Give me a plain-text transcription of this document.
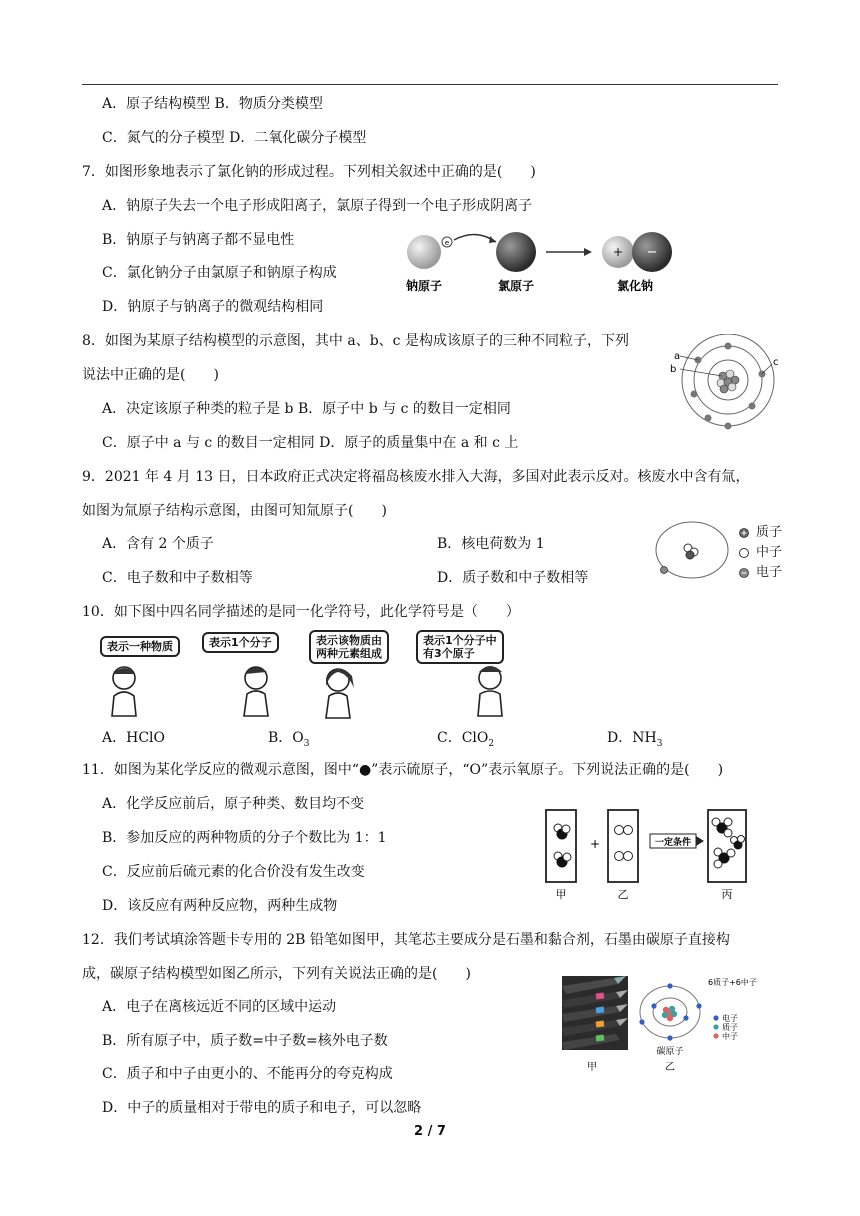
A．原子结构模型 B．物质分类模型
C．氮气的分子模型 D．二氧化碳分子模型
7．如图形象地表示了氯化钠的形成过程。下列相关叙述中正确的是(　　)
A．钠原子失去一个电子形成阳离子，氯原子得到一个电子形成阴离子
B．钠原子与钠离子都不显电性
C．氯化钠分子由氯原子和钠原子构成
D．钠原子与钠离子的微观结构相同
e
+ −
钠原子	氯原子	氯化钠
8．如图为某原子结构模型的示意图，其中 a、b、c 是构成该原子的三种不同粒子，下列
说法中正确的是(　　)
A．决定该原子种类的粒子是 b B．原子中 b 与 c 的数目一定相同
C．原子中 a 与 c 的数目一定相同 D．原子的质量集中在 a 和 c 上
a
b
c
9．2021 年 4 月 13 日，日本政府正式决定将福岛核废水排入大海，多国对此表示反对。核废水中含有氚，
如图为氚原子结构示意图，由图可知氚原子(　　)
A．含有 2 个质子	B．核电荷数为 1
C．电子数和中子数相等	D．质子数和中子数相等
质子
中子
电子
10．如下图中四名同学描述的是同一化学符号，此化学符号是（　　）
表示一种物质	表示1个分子	表示该物质由
两种元素组成
表示1个分子中
有3个原子
A．HClO	B．$O_3$	C．ClO$_2$	D．$NH_3$
11．如图为某化学反应的微观示意图，图中“●”表示硫原子，“O”表示氧原子。下列说法正确的是(　　)
A．化学反应前后，原子种类、数目均不变
B．参加反应的两种物质的分子个数比为 1：1
C．反应前后硫元素的化合价没有发生改变
D．该反应有两种反应物，两种生成物
+	一定条件
甲	乙	丙
12．我们考试填涂答题卡专用的 2B 铅笔如图甲，其笔芯主要成分是石墨和黏合剂，石墨由碳原子直接构
成，碳原子结构模型如图乙所示，下列有关说法正确的是(　　)
A．电子在离核远近不同的区域中运动
B．所有原子中，质子数=中子数=核外电子数
C．质子和中子由更小的、不能再分的夸克构成
D．中子的质量相对于带电的质子和电子，可以忽略
6质子+6中子
电子
质子
中子
碳原子
甲	乙
2 / 7
